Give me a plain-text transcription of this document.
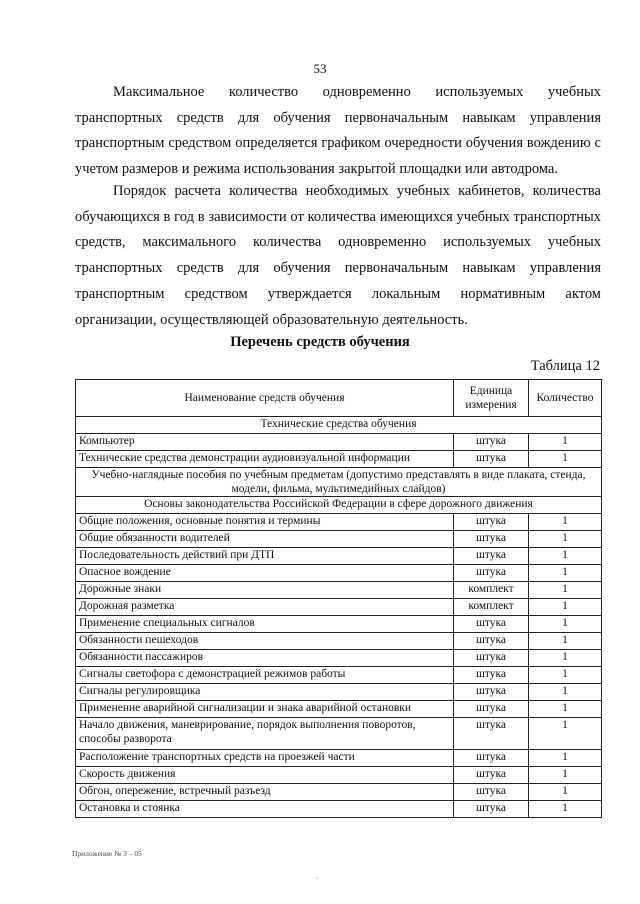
53

Максимальное количество одновременно используемых учебных транспортных средств для обучения первоначальным навыкам управления транспортным средством определяется графиком очередности обучения вождению с учетом размеров и режима использования закрытой площадки или автодрома.

Порядок расчета количества необходимых учебных кабинетов, количества обучающихся в год в зависимости от количества имеющихся учебных транспортных средств, максимального количества одновременно используемых учебных транспортных средств для обучения первоначальным навыкам управления транспортным средством утверждается локальным нормативным актом организации, осуществляющей образовательную деятельность.

Перечень средств обучения
Таблица 12
Наименование средств обучения	Единица измерения	Количество
Технические средства обучения		
Компьютер	штука	1
Технические средства демонстрации аудиовизуальной информации	штука	1
Учебно-наглядные пособия по учебным предметам (допустимо представлять в виде плаката, стенда, модели, фильма, мультимедийных слайдов)		
Основы законодательства Российской Федерации в сфере дорожного движения		
Общие положения, основные понятия и термины	штука	1
Общие обязанности водителей	штука	1
Последовательность действий при ДТП	штука	1
Опасное вождение	штука	1
Дорожные знаки	комплект	1
Дорожная разметка	комплект	1
Применение специальных сигналов	штука	1
Обязанности пешеходов	штука	1
Обязанности пассажиров	штука	1
Сигналы светофора с демонстрацией режимов работы	штука	1
Сигналы регулировщика	штука	1
Применение аварийной сигнализации и знака аварийной остановки	штука	1
Начало движения, маневрирование, порядок выполнения поворотов, способы разворота	штука	1
Расположение транспортных средств на проезжей части	штука	1
Скорость движения	штука	1
Обгон, опережение, встречный разъезд	штука	1
Остановка и стоянка	штука	1
Приложение № 3 – 05
·
